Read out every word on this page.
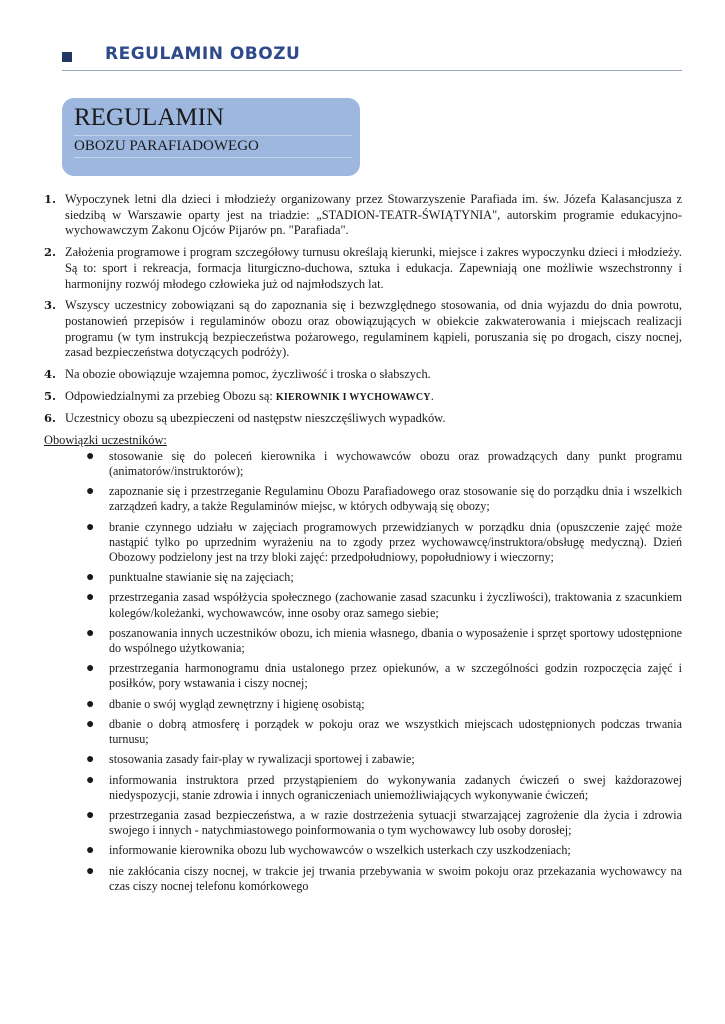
REGULAMIN OBOZU
REGULAMIN
OBOZU PARAFIADOWEGO
1. Wypoczynek letni dla dzieci i młodzieży organizowany przez Stowarzyszenie Parafiada im. św. Józefa Kalasancjusza z siedzibą w Warszawie oparty jest na triadzie: „STADION-TEATR-ŚWIĄTYNIA", autorskim programie edukacyjno-wychowawczym Zakonu Ojców Pijarów pn. "Parafiada".
2. Założenia programowe i program szczegółowy turnusu określają kierunki, miejsce i zakres wypoczynku dzieci i młodzieży. Są to: sport i rekreacja, formacja liturgiczno-duchowa, sztuka i edukacja. Zapewniają one możliwie wszechstronny i harmonijny rozwój młodego człowieka już od najmłodszych lat.
3. Wszyscy uczestnicy zobowiązani są do zapoznania się i bezwzględnego stosowania, od dnia wyjazdu do dnia powrotu, postanowień przepisów i regulaminów obozu oraz obowiązujących w obiekcie zakwaterowania i miejscach realizacji programu (w tym instrukcją bezpieczeństwa pożarowego, regulaminem kąpieli, poruszania się po drogach, ciszy nocnej, zasad bezpieczeństwa dotyczących podróży).
4. Na obozie obowiązuje wzajemna pomoc, życzliwość i troska o słabszych.
5. Odpowiedzialnymi za przebieg Obozu są: KIEROWNIK I WYCHOWAWCY.
6. Uczestnicy obozu są ubezpieczeni od następstw nieszczęśliwych wypadków.
Obowiązki uczestników:
● stosowanie się do poleceń kierownika i wychowawców obozu oraz prowadzących dany punkt programu (animatorów/instruktorów);
● zapoznanie się i przestrzeganie Regulaminu Obozu Parafiadowego oraz stosowanie się do porządku dnia i wszelkich zarządzeń kadry, a także Regulaminów miejsc, w których odbywają się obozy;
● branie czynnego udziału w zajęciach programowych przewidzianych w porządku dnia (opuszczenie zajęć może nastąpić tylko po uprzednim wyrażeniu na to zgody przez wychowawcę/instruktora/obsługę medyczną). Dzień Obozowy podzielony jest na trzy bloki zajęć: przedpołudniowy, popołudniowy i wieczorny;
● punktualne stawianie się na zajęciach;
● przestrzegania zasad współżycia społecznego (zachowanie zasad szacunku i życzliwości), traktowania z szacunkiem kolegów/koleżanki, wychowawców, inne osoby oraz samego siebie;
● poszanowania innych uczestników obozu, ich mienia własnego, dbania o wyposażenie i sprzęt sportowy udostępnione do wspólnego użytkowania;
● przestrzegania harmonogramu dnia ustalonego przez opiekunów, a w szczególności godzin rozpoczęcia zajęć i posiłków, pory wstawania i ciszy nocnej;
● dbanie o swój wygląd zewnętrzny i higienę osobistą;
● dbanie o dobrą atmosferę i porządek w pokoju oraz we wszystkich miejscach udostępnionych podczas trwania turnusu;
● stosowania zasady fair-play w rywalizacji sportowej i zabawie;
● informowania instruktora przed przystąpieniem do wykonywania zadanych ćwiczeń o swej każdorazowej niedyspozycji, stanie zdrowia i innych ograniczeniach uniemożliwiających wykonywanie ćwiczeń;
● przestrzegania zasad bezpieczeństwa, a w razie dostrzeżenia sytuacji stwarzającej zagrożenie dla życia i zdrowia swojego i innych - natychmiastowego poinformowania o tym wychowawcy lub osoby dorosłej;
● informowanie kierownika obozu lub wychowawców o wszelkich usterkach czy uszkodzeniach;
● nie zakłócania ciszy nocnej, w trakcie jej trwania przebywania w swoim pokoju oraz przekazania wychowawcy na czas ciszy nocnej telefonu komórkowego
